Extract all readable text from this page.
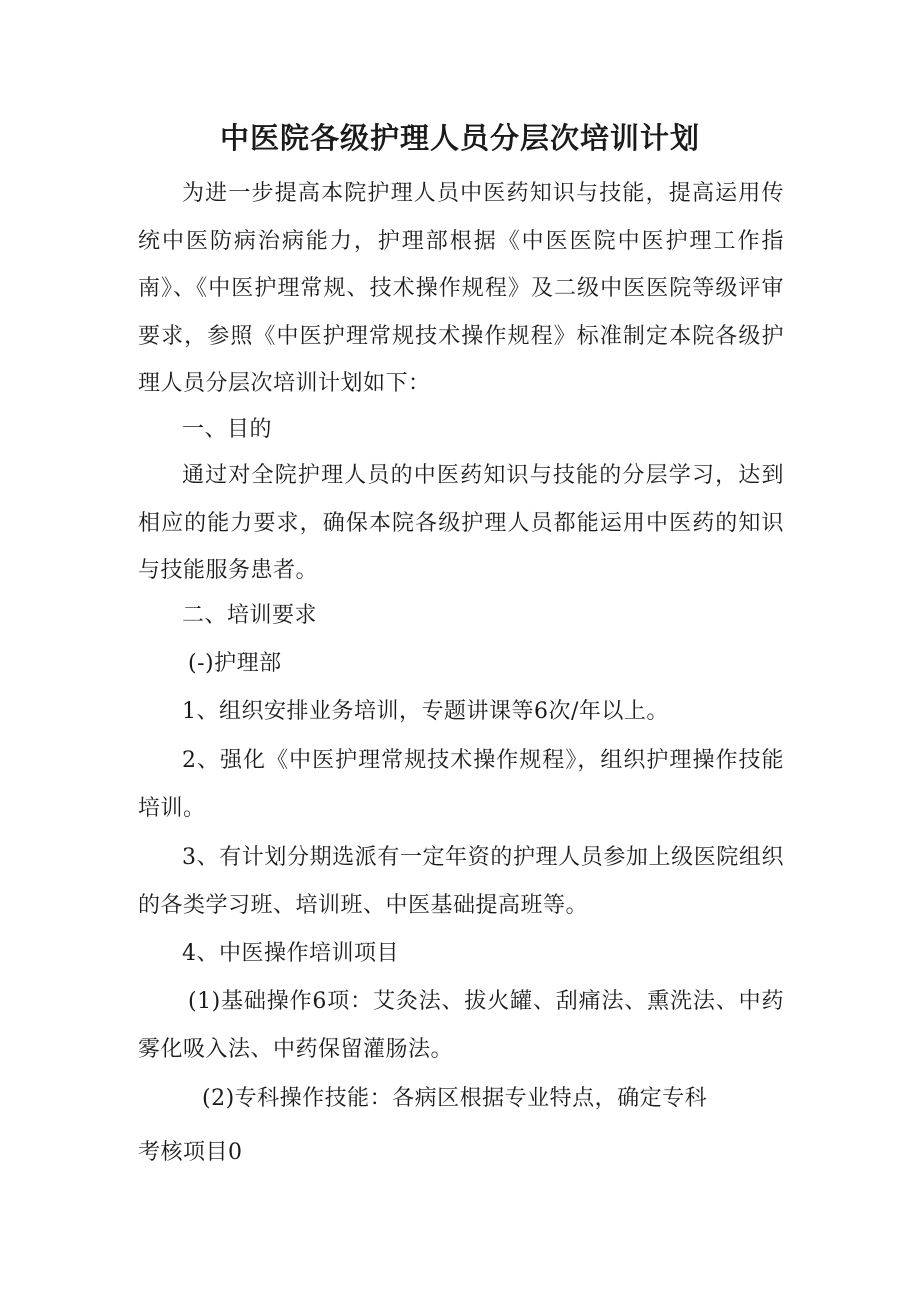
中医院各级护理人员分层次培训计划

为进一步提高本院护理人员中医药知识与技能，提高运用传统中医防病治病能力，护理部根据《中医医院中医护理工作指南》、《中医护理常规、技术操作规程》及二级中医医院等级评审要求，参照《中医护理常规技术操作规程》标准制定本院各级护理人员分层次培训计划如下：

一、目的

通过对全院护理人员的中医药知识与技能的分层学习，达到相应的能力要求，确保本院各级护理人员都能运用中医药的知识与技能服务患者。

二、培训要求

(-)护理部

1、组织安排业务培训，专题讲课等6次/年以上。

2、强化《中医护理常规技术操作规程》，组织护理操作技能培训。

3、有计划分期选派有一定年资的护理人员参加上级医院组织的各类学习班、培训班、中医基础提高班等。

4、中医操作培训项目

(1)基础操作6项：艾灸法、拔火罐、刮痛法、熏洗法、中药雾化吸入法、中药保留灌肠法。

(2)专科操作技能：各病区根据专业特点，确定专科

考核项目0
